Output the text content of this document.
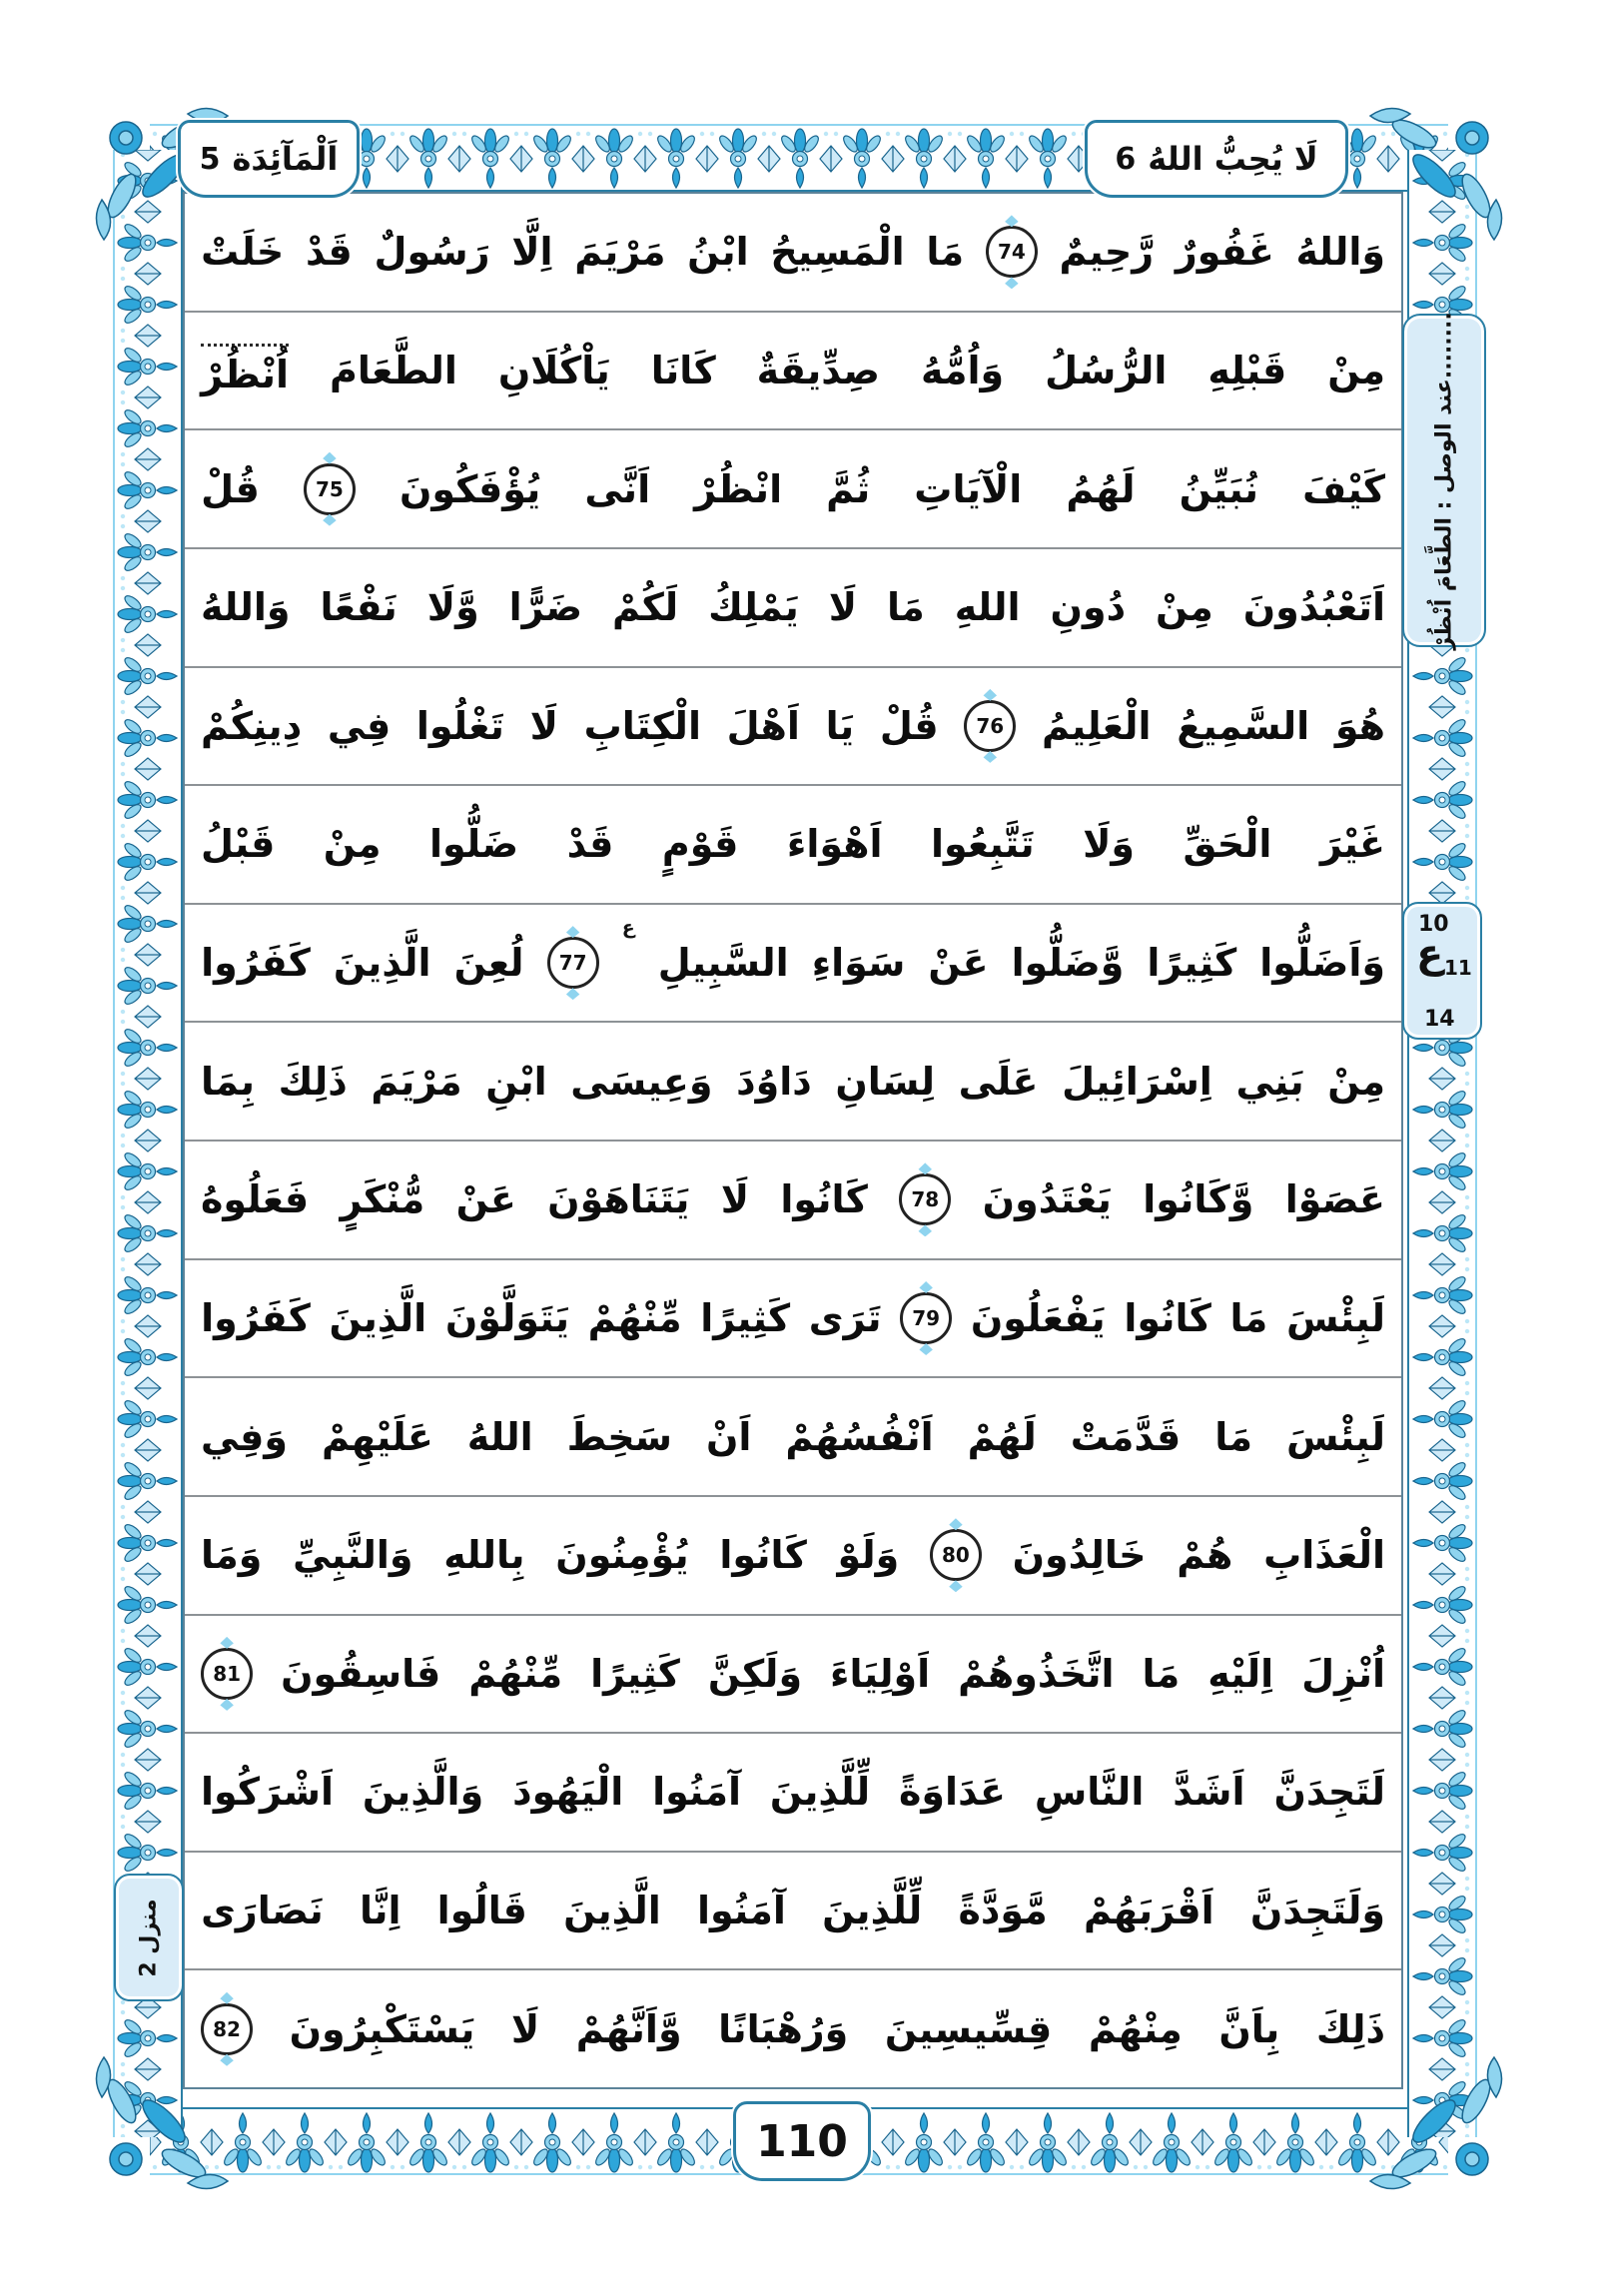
اَلْمَآئِدَة
5	لَا يُحِبُّ اللهُ
6
وَاللهُ
غَفُورٌ
رَّحِيمٌ
74
مَا
الْمَسِيحُ
ابْنُ
مَرْيَمَ
اِلَّا
رَسُولٌ
قَدْ
خَلَتْ
مِنْ
قَبْلِهِ
الرُّسُلُ
وَاُمُّهُ
صِدِّيقَةٌ
كَانَا
يَاْكُلَانِ
الطَّعَامَ
اُنْظُرْ
كَيْفَ
نُبَيِّنُ
لَهُمُ
الْآيَاتِ
ثُمَّ
انْظُرْ
اَنَّى
يُؤْفَكُونَ
75
قُلْ
اَتَعْبُدُونَ
مِنْ
دُونِ
اللهِ
مَا
لَا
يَمْلِكُ
لَكُمْ
ضَرًّا
وَّلَا
نَفْعًا
وَاللهُ
هُوَ
السَّمِيعُ
الْعَلِيمُ
76
قُلْ
يَا
اَهْلَ
الْكِتَابِ
لَا
تَغْلُوا
فِي
دِينِكُمْ
غَيْرَ
الْحَقِّ
وَلَا
تَتَّبِعُوا
اَهْوَاءَ
قَوْمٍ
قَدْ
ضَلُّوا
مِنْ
قَبْلُ
وَاَضَلُّوا
كَثِيرًا
وَّضَلُّوا
عَنْ
سَوَاءِ
السَّبِيلِ
ع
77
لُعِنَ
الَّذِينَ
كَفَرُوا
مِنْ
بَنِي
اِسْرَائِيلَ
عَلَى
لِسَانِ
دَاوُدَ
وَعِيسَى
ابْنِ
مَرْيَمَ
ذَلِكَ
بِمَا
عَصَوْا
وَّكَانُوا
يَعْتَدُونَ
78
كَانُوا
لَا
يَتَنَاهَوْنَ
عَنْ
مُّنْكَرٍ
فَعَلُوهُ
لَبِئْسَ
مَا
كَانُوا
يَفْعَلُونَ
79
تَرَى
كَثِيرًا
مِّنْهُمْ
يَتَوَلَّوْنَ
الَّذِينَ
كَفَرُوا
لَبِئْسَ
مَا
قَدَّمَتْ
لَهُمْ
اَنْفُسُهُمْ
اَنْ
سَخِطَ
اللهُ
عَلَيْهِمْ
وَفِي
الْعَذَابِ
هُمْ
خَالِدُونَ
80
وَلَوْ
كَانُوا
يُؤْمِنُونَ
بِاللهِ
وَالنَّبِيِّ
وَمَا
اُنْزِلَ
اِلَيْهِ
مَا
اتَّخَذُوهُمْ
اَوْلِيَاءَ
وَلَكِنَّ
كَثِيرًا
مِّنْهُمْ
فَاسِقُونَ
81
لَتَجِدَنَّ
اَشَدَّ
النَّاسِ
عَدَاوَةً
لِّلَّذِينَ
آمَنُوا
الْيَهُودَ
وَالَّذِينَ
اَشْرَكُوا
وَلَتَجِدَنَّ
اَقْرَبَهُمْ
مَّوَدَّةً
لِّلَّذِينَ
آمَنُوا
الَّذِينَ
قَالُوا
اِنَّا
نَصَارَى
ذَلِكَ
بِاَنَّ
مِنْهُمْ
قِسِّيسِينَ
وَرُهْبَانًا
وَّاَنَّهُمْ
لَا
يَسْتَكْبِرُونَ
82
........عند الوصل : الطَّعَامَ اُنْظُرْ
10
ع 11
14
منزل 2
110
